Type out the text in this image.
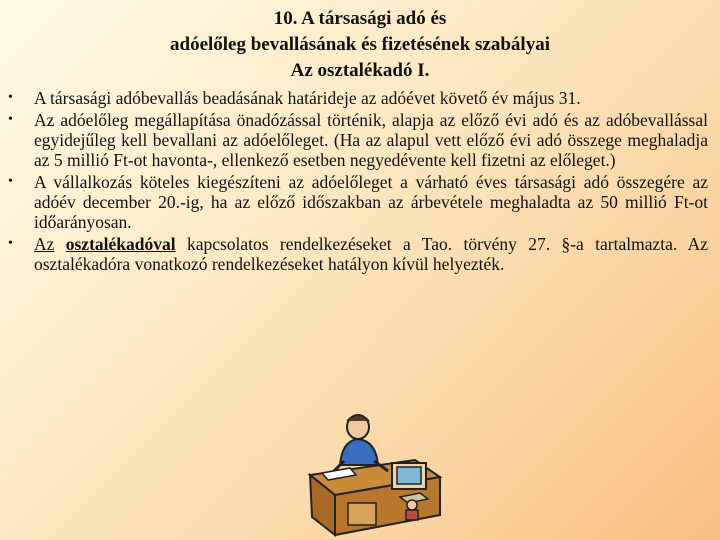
10. A társasági adó és
adóelőleg bevallásának és fizetésének szabályai
Az osztalékadó I.
• A társasági adóbevallás beadásának határideje az adóévet követő év május 31.
• Az adóelőleg megállapítása önadózással történik, alapja az előző évi adó és az adóbevallással egyidejűleg kell bevallani az adóelőleget. (Ha az alapul vett előző évi adó összege meghaladja az 5 millió Ft-ot havonta-, ellenkező esetben negyedévente kell fizetni az előleget.)
• A vállalkozás köteles kiegészíteni az adóelőleget a várható éves társasági adó összegére az adóév december 20.-ig, ha az előző időszakban az árbevétele meghaladta az 50 millió Ft-ot időarányosan.
• Az osztalékadóval kapcsolatos rendelkezéseket a Tao. törvény 27. §-a tartalmazta. Az osztalékadóra vonatkozó rendelkezéseket hatályon kívül helyezték.
